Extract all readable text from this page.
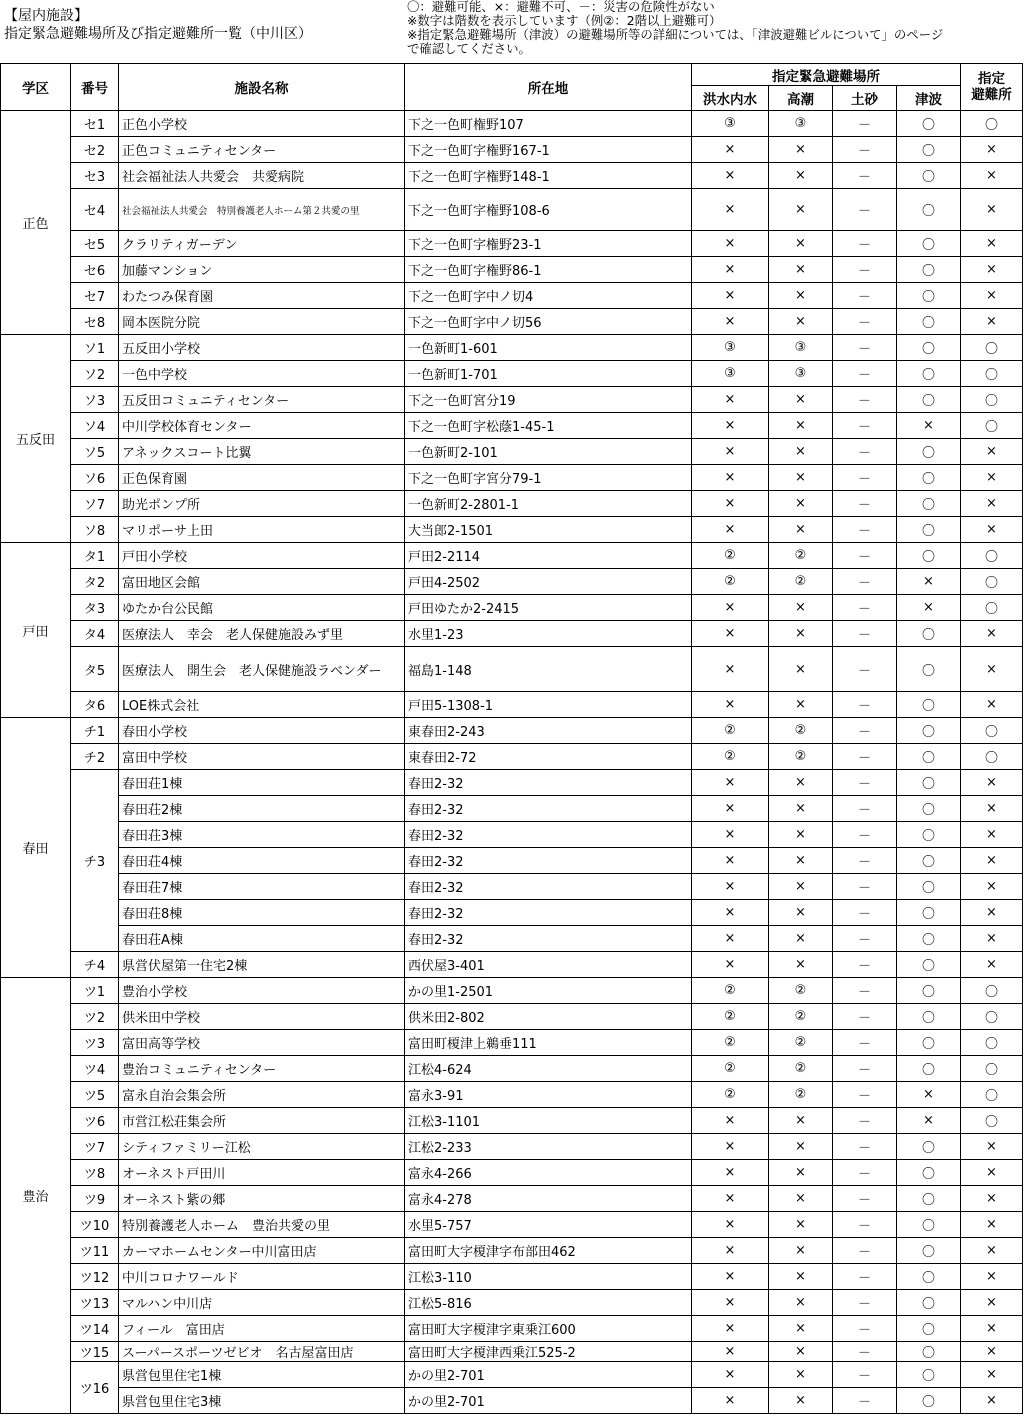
【屋内施設】
指定緊急避難場所及び指定避難所一覧（中川区）
〇：避難可能、×：避難不可、－：災害の危険性がない
※数字は階数を表示しています（例②：2階以上避難可）
※指定緊急避難場所（津波）の避難場所等の詳細については、「津波避難ビルについて」のページ
で確認してください。
学区	番号	施設名称	所在地	指定緊急避難場所				指定
避難所

				洪水内水	高潮	土砂	津波	
正色	セ1	正色小学校	下之一色町権野107	③	③	－	〇	〇
	セ2	正色コミュニティセンター	下之一色町字権野167-1	×	×	－	〇	×
	セ3	社会福祉法人共愛会　共愛病院	下之一色町字権野148-1	×	×	－	〇	×
	セ4	社会福祉法人共愛会　特別養護老人ホーム第２共愛の里	下之一色町字権野108-6	×	×	－	〇	×
	セ5	クラリティガーデン	下之一色町字権野23-1	×	×	－	〇	×
	セ6	加藤マンション	下之一色町字権野86-1	×	×	－	〇	×
	セ7	わたつみ保育園	下之一色町字中ノ切4	×	×	－	〇	×
	セ8	岡本医院分院	下之一色町字中ノ切56	×	×	－	〇	×
五反田	ソ1	五反田小学校	一色新町1-601	③	③	－	〇	〇
	ソ2	一色中学校	一色新町1-701	③	③	－	〇	〇
	ソ3	五反田コミュニティセンター	下之一色町宮分19	×	×	－	〇	〇
	ソ4	中川学校体育センター	下之一色町字松蔭1-45-1	×	×	－	×	〇
	ソ5	アネックスコート比翼	一色新町2-101	×	×	－	〇	×
	ソ6	正色保育園	下之一色町字宮分79-1	×	×	－	〇	×
	ソ7	助光ポンプ所	一色新町2-2801-1	×	×	－	〇	×
	ソ8	マリポーサ上田	大当郎2-1501	×	×	－	〇	×
戸田	タ1	戸田小学校	戸田2-2114	②	②	－	〇	〇
	タ2	富田地区会館	戸田4-2502	②	②	－	×	〇
	タ3	ゆたか台公民館	戸田ゆたか2-2415	×	×	－	×	〇
	タ4	医療法人　幸会　老人保健施設みず里	水里1-23	×	×	－	〇	×
	タ5	医療法人　開生会　老人保健施設ラベンダー	福島1-148	×	×	－	〇	×
	タ6	LOE株式会社	戸田5-1308-1	×	×	－	〇	×
春田	チ1	春田小学校	東春田2-243	②	②	－	〇	〇
	チ2	富田中学校	東春田2-72	②	②	－	〇	〇
	チ3	春田荘1棟	春田2-32	×	×	－	〇	×
		春田荘2棟	春田2-32	×	×	－	〇	×
		春田荘3棟	春田2-32	×	×	－	〇	×
		春田荘4棟	春田2-32	×	×	－	〇	×
		春田荘7棟	春田2-32	×	×	－	〇	×
		春田荘8棟	春田2-32	×	×	－	〇	×
		春田荘A棟	春田2-32	×	×	－	〇	×
	チ4	県営伏屋第一住宅2棟	西伏屋3-401	×	×	－	〇	×
豊治	ツ1	豊治小学校	かの里1-2501	②	②	－	〇	〇
	ツ2	供米田中学校	供米田2-802	②	②	－	〇	〇
	ツ3	富田高等学校	富田町榎津上鵜垂111	②	②	－	〇	〇
	ツ4	豊治コミュニティセンター	江松4-624	②	②	－	〇	〇
	ツ5	富永自治会集会所	富永3-91	②	②	－	×	〇
	ツ6	市営江松荘集会所	江松3-1101	×	×	－	×	〇
	ツ7	シティファミリー江松	江松2-233	×	×	－	〇	×
	ツ8	オーネスト戸田川	富永4-266	×	×	－	〇	×
	ツ9	オーネスト紫の郷	富永4-278	×	×	－	〇	×
	ツ10	特別養護老人ホーム　豊治共愛の里	水里5-757	×	×	－	〇	×
	ツ11	カーマホームセンター中川富田店	富田町大字榎津字布部田462	×	×	－	〇	×
	ツ12	中川コロナワールド	江松3-110	×	×	－	〇	×
	ツ13	マルハン中川店	江松5-816	×	×	－	〇	×
	ツ14	フィール　富田店	富田町大字榎津字東乗江600	×	×	－	〇	×
	ツ15	スーパースポーツゼビオ　名古屋富田店	富田町大字榎津西乗江525-2	×	×	－	〇	×
	ツ16	県営包里住宅1棟	かの里2-701	×	×	－	〇	×
		県営包里住宅3棟	かの里2-701	×	×	－	〇	×
